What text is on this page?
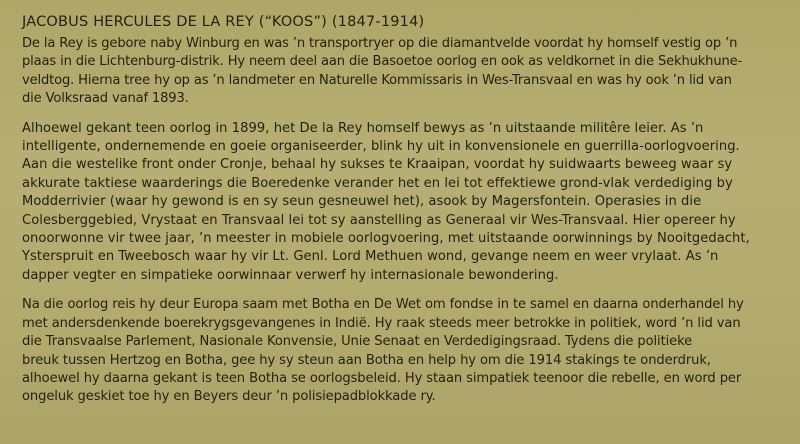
JACOBUS HERCULES DE LA REY (“KOOS”) (1847-1914)

De la Rey is gebore naby Winburg en was ’n transportryer op die diamantvelde voordat hy homself vestig op ’n
plaas in die Lichtenburg-distrik. Hy neem deel aan die Basoetoe oorlog en ook as veldkornet in die Sekhukhune-
veldtog. Hierna tree hy op as ’n landmeter en Naturelle Kommissaris in Wes-Transvaal en was hy ook ’n lid van
die Volksraad vanaf 1893.

Alhoewel gekant teen oorlog in 1899, het De la Rey homself bewys as ’n uitstaande militêre leier. As ’n
intelligente, ondernemende en goeie organiseerder, blink hy uit in konvensionele en guerrilla-oorlogvoering.
Aan die westelike front onder Cronje, behaal hy sukses te Kraaipan, voordat hy suidwaarts beweeg waar sy
akkurate taktiese waarderings die Boeredenke verander het en lei tot effektiewe grond-vlak verdediging by
Modderrivier (waar hy gewond is en sy seun gesneuwel het), asook by Magersfontein. Operasies in die
Colesberggebied, Vrystaat en Transvaal lei tot sy aanstelling as Generaal vir Wes-Transvaal. Hier opereer hy
onoorwonne vir twee jaar, ’n meester in mobiele oorlogvoering, met uitstaande oorwinnings by Nooitgedacht,
Ysterspruit en Tweebosch waar hy vir Lt. Genl. Lord Methuen wond, gevange neem en weer vrylaat. As ’n
dapper vegter en simpatieke oorwinnaar verwerf hy internasionale bewondering.

Na die oorlog reis hy deur Europa saam met Botha en De Wet om fondse in te samel en daarna onderhandel hy
met andersdenkende boerekrygsgevangenes in Indië. Hy raak steeds meer betrokke in politiek, word ’n lid van
die Transvaalse Parlement, Nasionale Konvensie, Unie Senaat en Verdedigingsraad. Tydens die politieke
breuk tussen Hertzog en Botha, gee hy sy steun aan Botha en help hy om die 1914 stakings te onderdruk,
alhoewel hy daarna gekant is teen Botha se oorlogsbeleid. Hy staan simpatiek teenoor die rebelle, en word per
ongeluk geskiet toe hy en Beyers deur ’n polisiepadblokkade ry.
